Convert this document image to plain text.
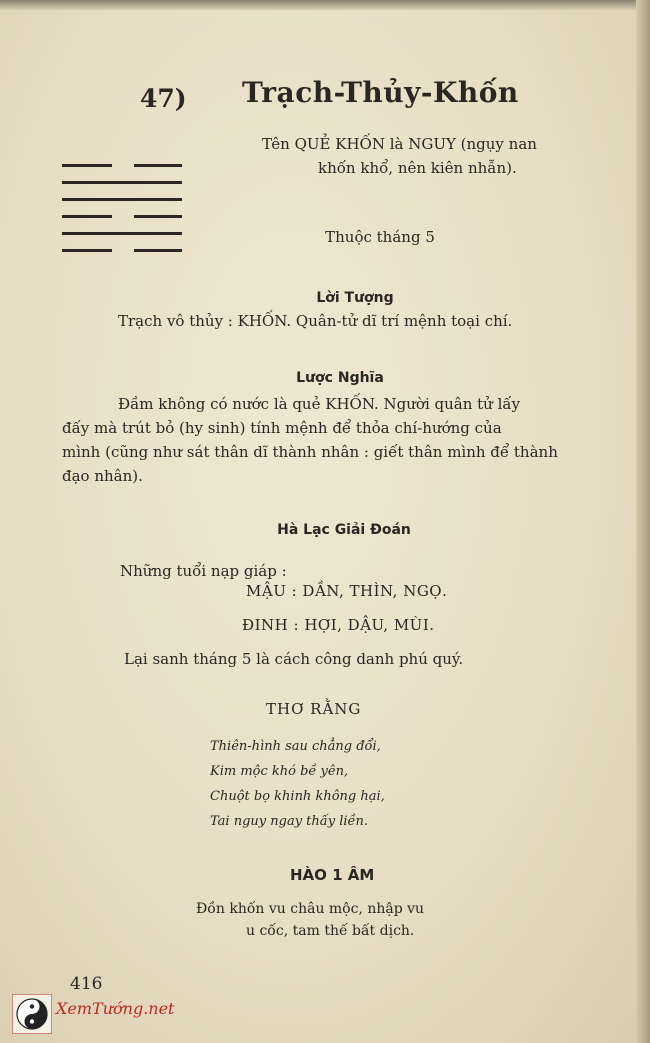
47) Trạch-Thủy-Khốn
Tên QUẺ KHỐN là NGUY (ngụy nan
khốn khổ, nên kiên nhẫn).
Thuộc tháng 5
Lời Tượng
Trạch vô thủy : KHỐN. Quân-tử dĩ trí mệnh toại chí.
Lược Nghĩa
Đầm không có nước là quẻ KHỐN. Người quân tử lấy
đấy mà trút bỏ (hy sinh) tính mệnh để thỏa chí-hướng của
mình (cũng như sát thân dĩ thành nhân : giết thân mình để thành
đạo nhân).
Hà Lạc Giải Đoán
Những tuổi nạp giáp :
MẬU : DẦN, THÌN, NGỌ.
ĐINH : HỢI, DẬU, MÙI.
Lại sanh tháng 5 là cách công danh phú quý.
THƠ RẰNG
Thiên-hình sau chẳng đổi,
Kim mộc khó bề yên,
Chuột bọ khinh không hại,
Tai nguy ngay thấy liền.
HÀO 1 ÂM
Đồn khốn vu châu mộc, nhập vu
u cốc, tam thế bất dịch.
416
XemTướng.net
